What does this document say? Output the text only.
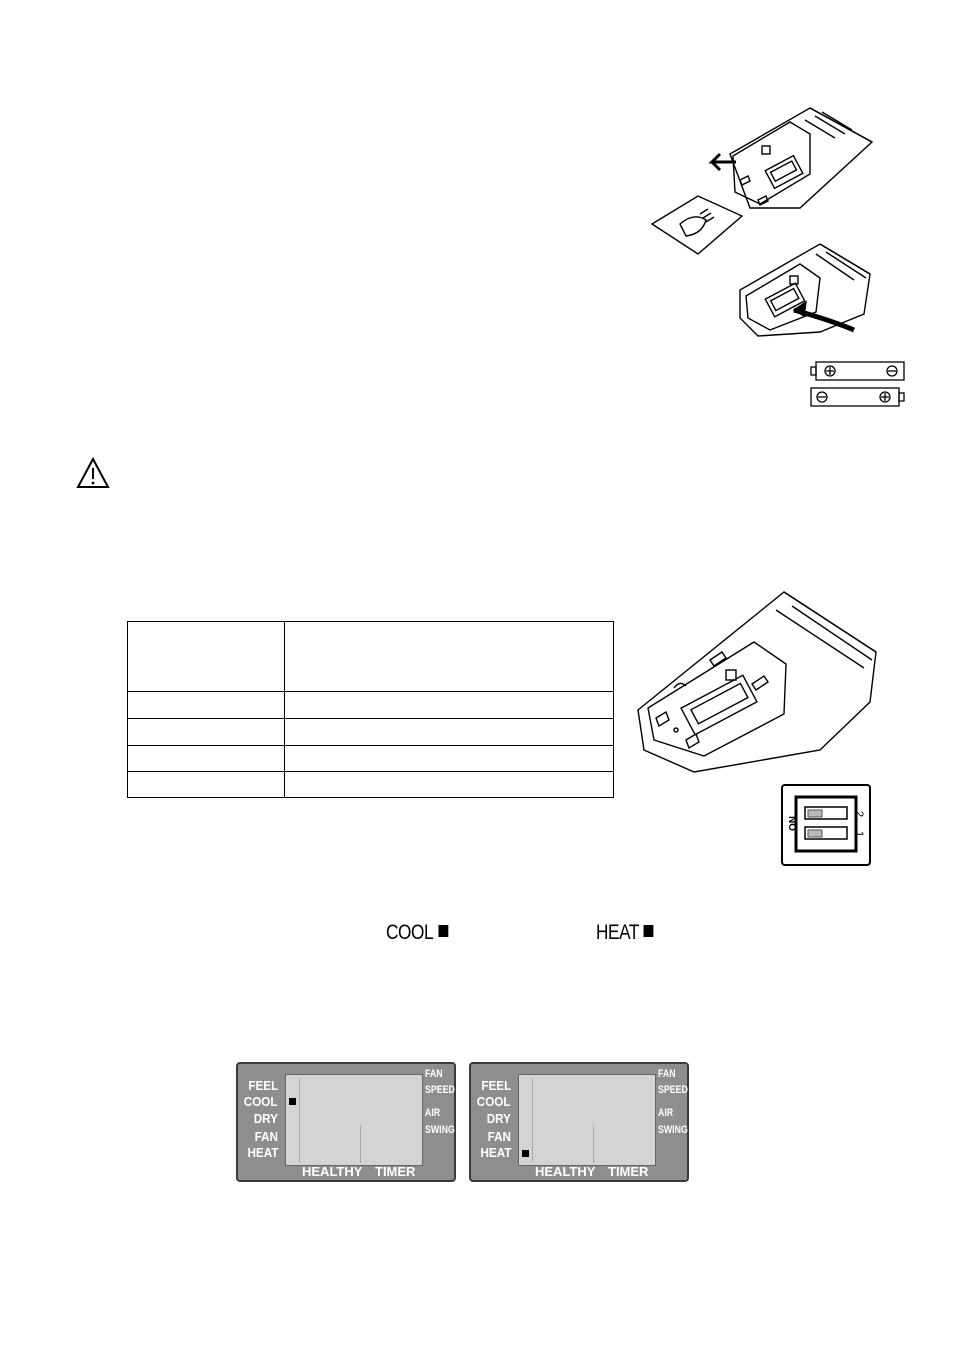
ON
2
1
COOL	HEAT
FEEL
COOL
DRY
FAN
HEAT
FAN
SPEED
AIR
SWING
HEALTHY TIMER
FEEL
COOL
DRY
FAN
HEAT
FAN
SPEED
AIR
SWING
HEALTHY TIMER
